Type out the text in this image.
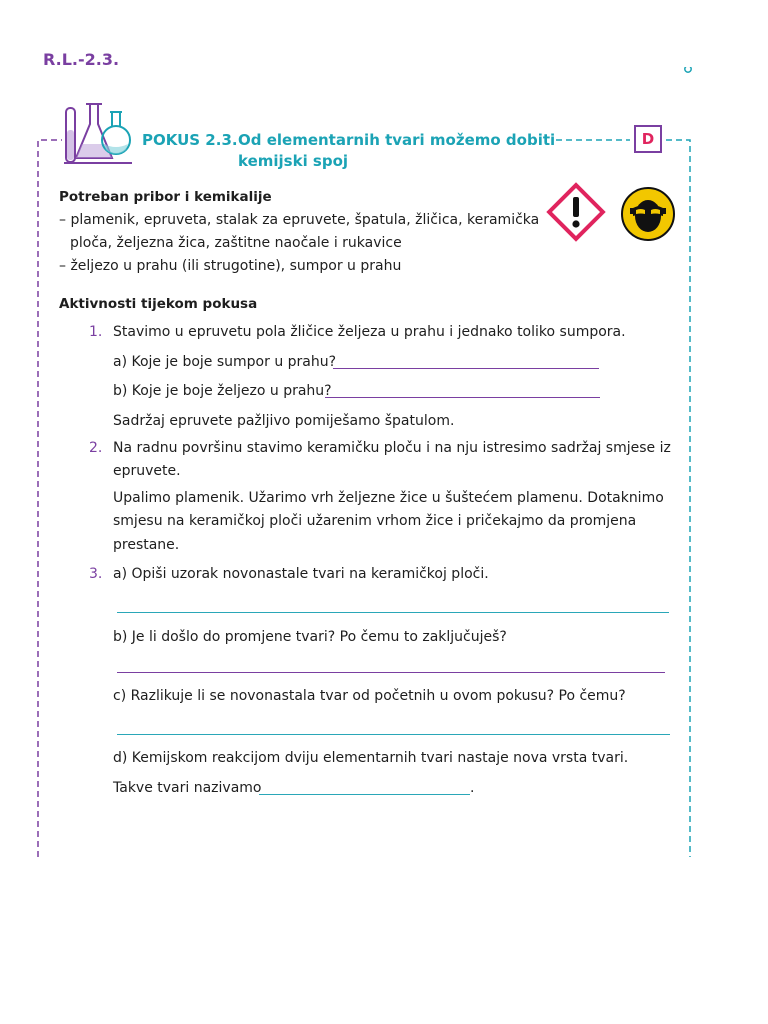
R.L.-2.3.
POKUS 2.3.Od elementarnih tvari možemo dobiti
kemijski spoj
D
Potreban pribor i kemikalije
– plamenik, epruveta, stalak za epruvete, špatula, žličica, keramička
ploča, željezna žica, zaštitne naočale i rukavice
– željezo u prahu (ili strugotine), sumpor u prahu
Aktivnosti tijekom pokusa
1. Stavimo u epruvetu pola žličice željeza u prahu i jednako toliko sumpora.
a) Koje je boje sumpor u prahu?
b) Koje je boje željezo u prahu?
Sadržaj epruvete pažljivo pomiješamo špatulom.
2. Na radnu površinu stavimo keramičku ploču i na nju istresimo sadržaj smjese iz
epruvete.
Upalimo plamenik. Užarimo vrh željezne žice u šuštećem plamenu. Dotaknimo
smjesu na keramičkoj ploči užarenim vrhom žice i pričekajmo da promjena
prestane.
3. a) Opiši uzorak novonastale tvari na keramičkoj ploči.
b) Je li došlo do promjene tvari? Po čemu to zaključuješ?
c) Razlikuje li se novonastala tvar od početnih u ovom pokusu? Po čemu?
d) Kemijskom reakcijom dviju elementarnih tvari nastaje nova vrsta tvari.
Takve tvari nazivamo	.
